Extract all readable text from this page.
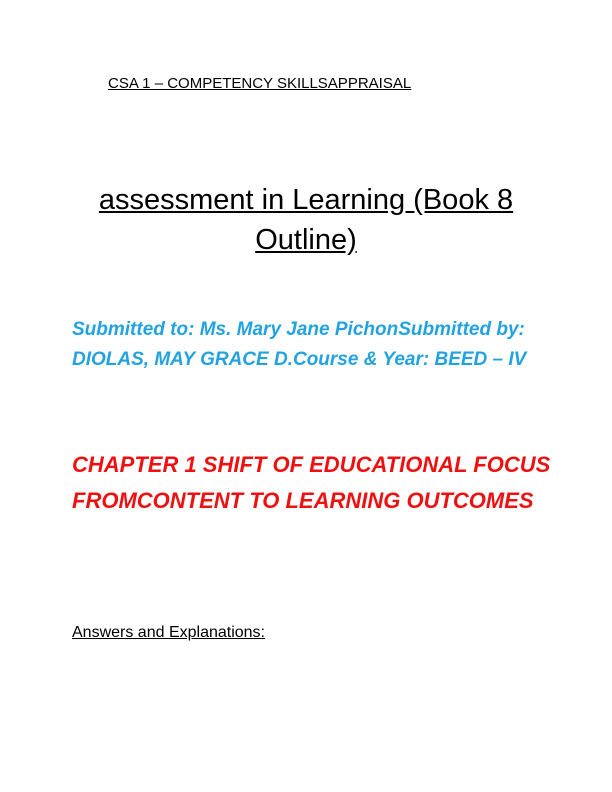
CSA 1 – COMPETENCY SKILLSAPPRAISAL
assessment in Learning (Book 8 Outline)
Submitted to: Ms. Mary Jane PichonSubmitted by: DIOLAS, MAY GRACE D.Course & Year: BEED – IV
CHAPTER 1 SHIFT OF EDUCATIONAL FOCUS FROMCONTENT TO LEARNING OUTCOMES
Answers and Explanations:
